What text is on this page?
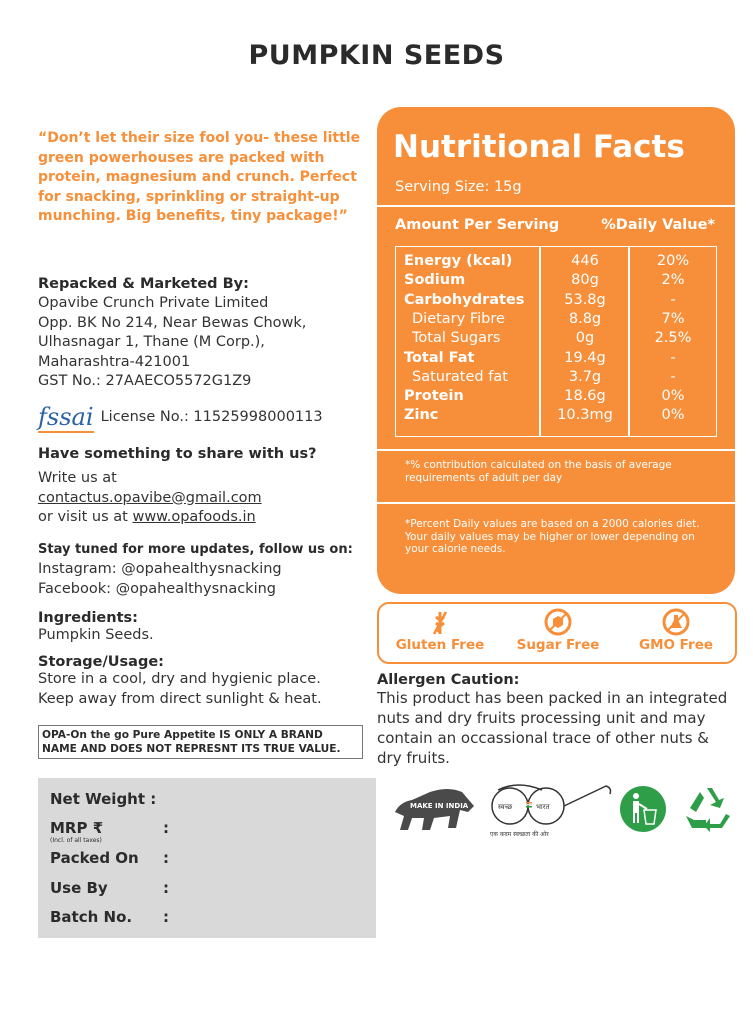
PUMPKIN SEEDS
“Don’t let their size fool you- these little green powerhouses are packed with protein, magnesium and crunch. Perfect for snacking, sprinkling or straight-up munching. Big benefits, tiny package!”
Repacked & Marketed By:
Opavibe Crunch Private Limited
Opp. BK No 214, Near Bewas Chowk,
Ulhasnagar 1, Thane (M Corp.),
Maharashtra-421001
GST No.: 27AAECO5572G1Z9
fssai License No.: 11525998000113
Have something to share with us?
Write us at
contactus.opavibe@gmail.com
or visit us at www.opafoods.in
Stay tuned for more updates, follow us on:
Instagram: @opahealthysnacking
Facebook: @opahealthysnacking
Ingredients:
Pumpkin Seeds.
Storage/Usage:
Store in a cool, dry and hygienic place.
Keep away from direct sunlight & heat.
OPA-On the go Pure Appetite IS ONLY A BRAND NAME AND DOES NOT REPRESNT ITS TRUE VALUE.
Net Weight :
MRP ₹	:
(Incl. of all taxes)
Packed On :
Use By	:
Batch No. :
Nutritional Facts
Serving Size: 15g
Amount Per Serving	%Daily Value*
Energy (kcal)	446	20%
Sodium	80g	2%
Carbohydrates	53.8g	-
Dietary Fibre	8.8g	7%
Total Sugars	0g	2.5%
Total Fat	19.4g	-
Saturated fat	3.7g	-
Protein	18.6g	0%
Zinc	10.3mg	0%
*% contribution calculated on the basis of average requirements of adult per day
*Percent Daily values are based on a 2000 calories diet. Your daily values may be higher or lower depending on your calorie needs.
Gluten Free	Sugar Free	GMO Free
Allergen Caution:
This product has been packed in an integrated nuts and dry fruits processing unit and may contain an occassional trace of other nuts & dry fruits.
MAKE IN INDIA	स्वच्छ	भारत
एक कदम स्वच्छता की ओर
